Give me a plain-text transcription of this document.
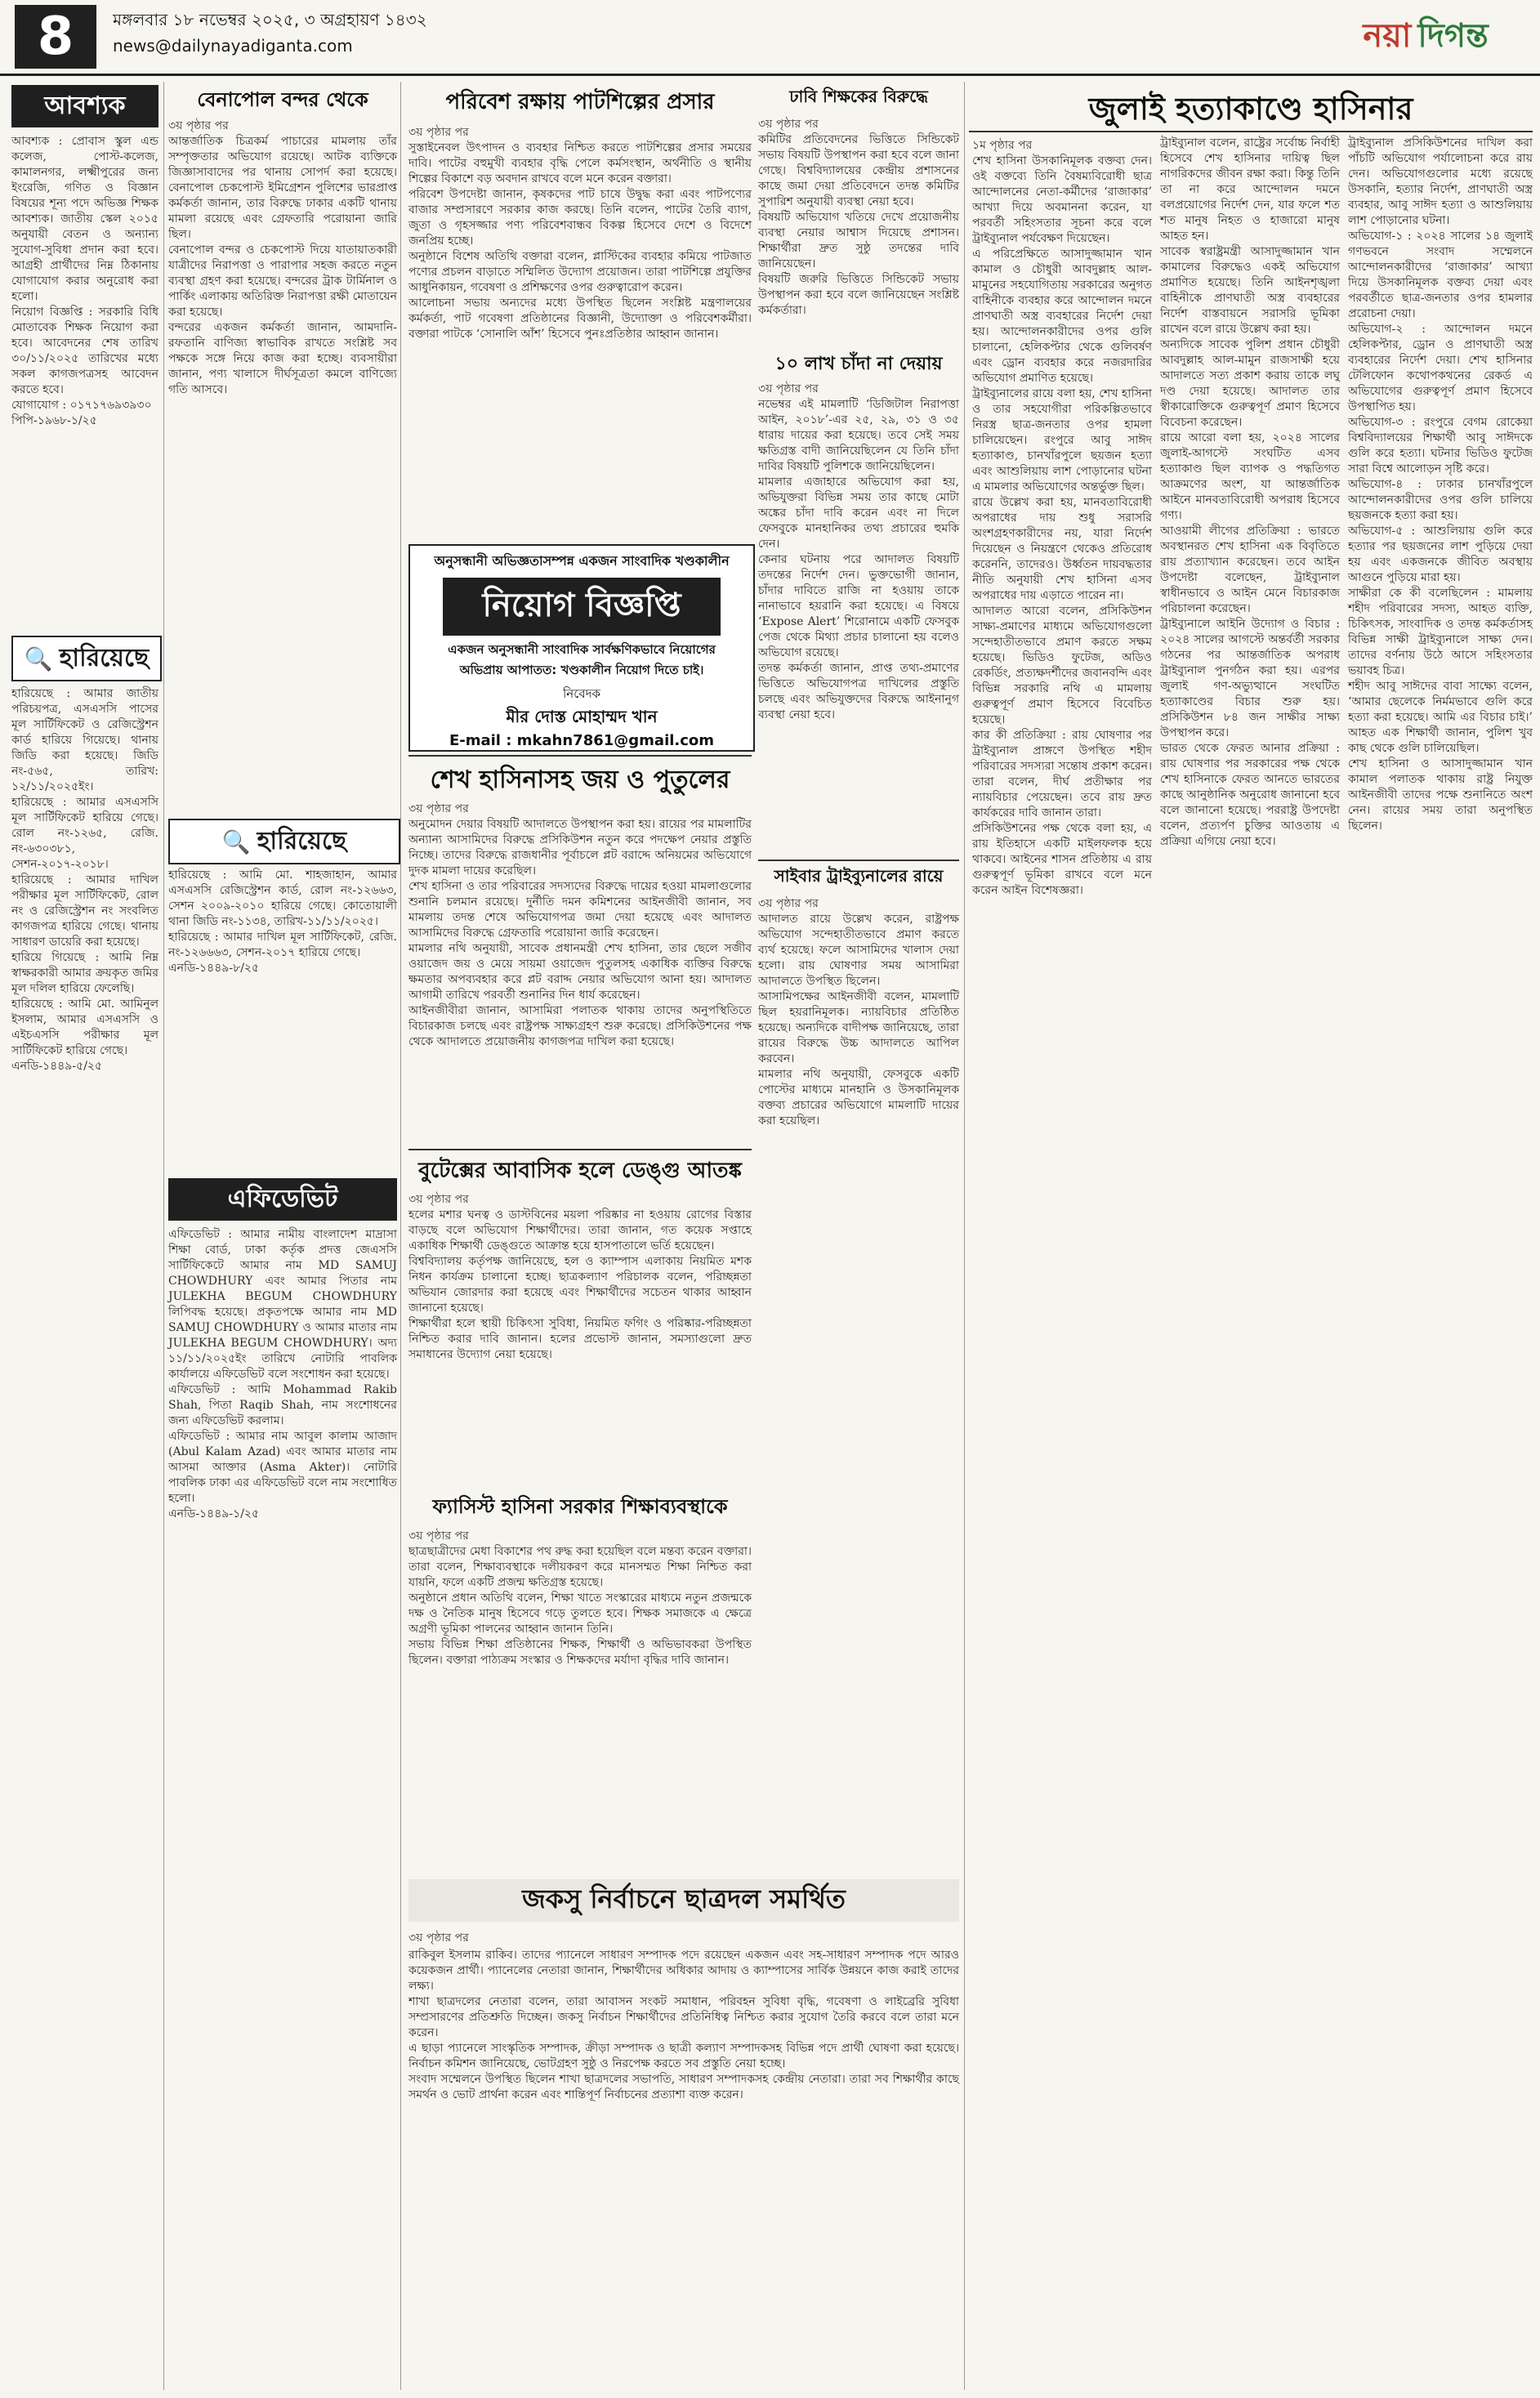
8	মঙ্গলবার ১৮ নভেম্বর ২০২৫, ৩ অগ্রহায়ণ ১৪৩২
news@dailynayadiganta.com	নয়া দিগন্ত
আবশ্যক
আবশ্যক : প্রোবাস স্কুল এন্ড কলেজ, পোস্ট-কলেজ, কামালনগর, লক্ষ্মীপুরের জন্য ইংরেজি, গণিত ও বিজ্ঞান বিষয়ের শূন্য পদে অভিজ্ঞ শিক্ষক আবশ্যক। জাতীয় স্কেল ২০১৫ অনুযায়ী বেতন ও অন্যান্য সুযোগ-সুবিধা প্রদান করা হবে। আগ্রহী প্রার্থীদের নিম্ন ঠিকানায় যোগাযোগ করার অনুরোধ করা হলো।
নিয়োগ বিজ্ঞপ্তি : সরকারি বিধি মোতাবেক শিক্ষক নিয়োগ করা হবে। আবেদনের শেষ তারিখ ৩০/১১/২০২৫ তারিখের মধ্যে সকল কাগজপত্রসহ আবেদন করতে হবে।
যোগাযোগ : ০১৭১৭৬৯৩৯৩০
পিপি-১৯৬৮-১/২৫
🔍 হারিয়েছে
হারিয়েছে : আমার জাতীয় পরিচয়পত্র, এসএসসি পাসের মূল সার্টিফিকেট ও রেজিস্ট্রেশন কার্ড হারিয়ে গিয়েছে। থানায় জিডি করা হয়েছে। জিডি নং-৫৬৫, তারিখ: ১২/১১/২০২৫ইং।
হারিয়েছে : আমার এসএসসি মূল সার্টিফিকেট হারিয়ে গেছে। রোল নং-১২৬৫, রেজি. নং-৬৩০৩৮১, সেশন-২০১৭-২০১৮।
হারিয়েছে : আমার দাখিল পরীক্ষার মূল সার্টিফিকেট, রোল নং ও রেজিস্ট্রেশন নং সংবলিত কাগজপত্র হারিয়ে গেছে। থানায় সাধারণ ডায়েরি করা হয়েছে।
হারিয়ে গিয়েছে : আমি নিম্ন স্বাক্ষরকারী আমার ক্রয়কৃত জমির মূল দলিল হারিয়ে ফেলেছি।
হারিয়েছে : আমি মো. আমিনুল ইসলাম, আমার এসএসসি ও এইচএসসি পরীক্ষার মূল সার্টিফিকেট হারিয়ে গেছে।
এনডি-১৪৪৯-৫/২৫
বেনাপোল বন্দর থেকে
৩য় পৃষ্ঠার পর
আন্তর্জাতিক চিত্রকর্ম পাচারের মামলায় তাঁর সম্পৃক্ততার অভিযোগ রয়েছে। আটক ব্যক্তিকে জিজ্ঞাসাবাদের পর থানায় সোপর্দ করা হয়েছে। বেনাপোল চেকপোস্ট ইমিগ্রেশন পুলিশের ভারপ্রাপ্ত কর্মকর্তা জানান, তার বিরুদ্ধে ঢাকার একটি থানায় মামলা রয়েছে এবং গ্রেফতারি পরোয়ানা জারি ছিল।
বেনাপোল বন্দর ও চেকপোস্ট দিয়ে যাতায়াতকারী যাত্রীদের নিরাপত্তা ও পারাপার সহজ করতে নতুন ব্যবস্থা গ্রহণ করা হয়েছে। বন্দরের ট্রাক টার্মিনাল ও পার্কিং এলাকায় অতিরিক্ত নিরাপত্তা রক্ষী মোতায়েন করা হয়েছে।
বন্দরের একজন কর্মকর্তা জানান, আমদানি-রফতানি বাণিজ্য স্বাভাবিক রাখতে সংশ্লিষ্ট সব পক্ষকে সঙ্গে নিয়ে কাজ করা হচ্ছে। ব্যবসায়ীরা জানান, পণ্য খালাসে দীর্ঘসূত্রতা কমলে বাণিজ্যে গতি আসবে।
🔍 হারিয়েছে
হারিয়েছে : আমি মো. শাহজাহান, আমার এসএসসি রেজিস্ট্রেশন কার্ড, রোল নং-১২৬৬৩, সেশন ২০০৯-২০১০ হারিয়ে গেছে। কোতোয়ালী থানা জিডি নং-১১৩৪, তারিখ-১১/১১/২০২৫।
হারিয়েছে : আমার দাখিল মূল সার্টিফিকেট, রেজি. নং-১২৬৬৬৩, সেশন-২০১৭ হারিয়ে গেছে।
এনডি-১৪৪৯-৮/২৫
এফিডেভিট
এফিডেভিট : আমার নামীয় বাংলাদেশ মাদ্রাসা শিক্ষা বোর্ড, ঢাকা কর্তৃক প্রদত্ত জেএসসি সার্টিফিকেটে আমার নাম MD SAMUJ CHOWDHURY এবং আমার পিতার নাম JULEKHA BEGUM CHOWDHURY লিপিবদ্ধ হয়েছে। প্রকৃতপক্ষে আমার নাম MD SAMUJ CHOWDHURY ও আমার মাতার নাম JULEKHA BEGUM CHOWDHURY। অদ্য ১১/১১/২০২৫ইং তারিখে নোটারি পাবলিক কার্যালয়ে এফিডেভিট বলে সংশোধন করা হয়েছে।
এফিডেভিট : আমি Mohammad Rakib Shah, পিতা Raqib Shah, নাম সংশোধনের জন্য এফিডেভিট করলাম।
এফিডেভিট : আমার নাম আবুল কালাম আজাদ (Abul Kalam Azad) এবং আমার মাতার নাম আসমা আক্তার (Asma Akter)। নোটারি পাবলিক ঢাকা এর এফিডেভিট বলে নাম সংশোধিত হলো।
এনডি-১৪৪৯-১/২৫
পরিবেশ রক্ষায় পাটশিল্পের প্রসার
৩য় পৃষ্ঠার পর
সুস্তাইনেবল উৎপাদন ও ব্যবহার নিশ্চিত করতে পাটশিল্পের প্রসার সময়ের দাবি। পাটের বহুমুখী ব্যবহার বৃদ্ধি পেলে কর্মসংস্থান, অর্থনীতি ও স্থানীয় শিল্পের বিকাশে বড় অবদান রাখবে বলে মনে করেন বক্তারা।
পরিবেশ উপদেষ্টা জানান, কৃষকদের পাট চাষে উদ্বুদ্ধ করা এবং পাটপণ্যের বাজার সম্প্রসারণে সরকার কাজ করছে। তিনি বলেন, পাটের তৈরি ব্যাগ, জুতা ও গৃহসজ্জার পণ্য পরিবেশবান্ধব বিকল্প হিসেবে দেশে ও বিদেশে জনপ্রিয় হচ্ছে।
অনুষ্ঠানে বিশেষ অতিথি বক্তারা বলেন, প্লাস্টিকের ব্যবহার কমিয়ে পাটজাত পণ্যের প্রচলন বাড়াতে সম্মিলিত উদ্যোগ প্রয়োজন। তারা পাটশিল্পে প্রযুক্তির আধুনিকায়ন, গবেষণা ও প্রশিক্ষণের ওপর গুরুত্বারোপ করেন।
আলোচনা সভায় অন্যদের মধ্যে উপস্থিত ছিলেন সংশ্লিষ্ট মন্ত্রণালয়ের কর্মকর্তা, পাট গবেষণা প্রতিষ্ঠানের বিজ্ঞানী, উদ্যোক্তা ও পরিবেশকর্মীরা। বক্তারা পাটকে ‘সোনালি আঁশ’ হিসেবে পুনঃপ্রতিষ্ঠার আহ্বান জানান।
অনুসন্ধানী অভিজ্ঞতাসম্পন্ন একজন সাংবাদিক খণ্ডকালীন
নিয়োগ বিজ্ঞপ্তি
একজন অনুসন্ধানী সাংবাদিক সার্বক্ষণিকভাবে নিয়োগের
অভিপ্রায় আপাতত: খণ্ডকালীন নিয়োগ দিতে চাই।
নিবেদক
মীর দোস্ত মোহাম্মদ খান
E-mail : mkahn7861@gmail.com
ঢাবি শিক্ষকের বিরুদ্ধে
৩য় পৃষ্ঠার পর
কমিটির প্রতিবেদনের ভিত্তিতে সিন্ডিকেট সভায় বিষয়টি উপস্থাপন করা হবে বলে জানা গেছে। বিশ্ববিদ্যালয়ের কেন্দ্রীয় প্রশাসনের কাছে জমা দেয়া প্রতিবেদনে তদন্ত কমিটির সুপারিশ অনুযায়ী ব্যবস্থা নেয়া হবে।
বিষয়টি অভিযোগ খতিয়ে দেখে প্রয়োজনীয় ব্যবস্থা নেয়ার আশ্বাস দিয়েছে প্রশাসন। শিক্ষার্থীরা দ্রুত সুষ্ঠু তদন্তের দাবি জানিয়েছেন।
বিষয়টি জরুরি ভিত্তিতে সিন্ডিকেট সভায় উপস্থাপন করা হবে বলে জানিয়েছেন সংশ্লিষ্ট কর্মকর্তারা।
১০ লাখ চাঁদা না দেয়ায়
৩য় পৃষ্ঠার পর
নভেম্বর এই মামলাটি ‘ডিজিটাল নিরাপত্তা আইন, ২০১৮’-এর ২৫, ২৯, ৩১ ও ৩৫ ধারায় দায়ের করা হয়েছে। তবে সেই সময় ক্ষতিগ্রস্ত বাদী জানিয়েছিলেন যে তিনি চাঁদা দাবির বিষয়টি পুলিশকে জানিয়েছিলেন।
মামলার এজাহারে অভিযোগ করা হয়, অভিযুক্তরা বিভিন্ন সময় তার কাছে মোটা অঙ্কের চাঁদা দাবি করেন এবং না দিলে ফেসবুকে মানহানিকর তথ্য প্রচারের হুমকি দেন।
কেনার ঘটনায় পরে আদালত বিষয়টি তদন্তের নির্দেশ দেন। ভুক্তভোগী জানান, চাঁদার দাবিতে রাজি না হওয়ায় তাকে নানাভাবে হয়রানি করা হয়েছে। এ বিষয়ে ‘Expose Alert’ শিরোনামে একটি ফেসবুক পেজ থেকে মিথ্যা প্রচার চালানো হয় বলেও অভিযোগ রয়েছে।
তদন্ত কর্মকর্তা জানান, প্রাপ্ত তথ্য-প্রমাণের ভিত্তিতে অভিযোগপত্র দাখিলের প্রস্তুতি চলছে এবং অভিযুক্তদের বিরুদ্ধে আইনানুগ ব্যবস্থা নেয়া হবে।
শেখ হাসিনাসহ জয় ও পুতুলের
৩য় পৃষ্ঠার পর
অনুমোদন দেয়ার বিষয়টি আদালতে উপস্থাপন করা হয়। রায়ের পর মামলাটির অন্যান্য আসামিদের বিরুদ্ধে প্রসিকিউশন নতুন করে পদক্ষেপ নেয়ার প্রস্তুতি নিচ্ছে। তাদের বিরুদ্ধে রাজধানীর পূর্বাচলে প্লট বরাদ্দে অনিয়মের অভিযোগে দুদক মামলা দায়ের করেছিল।
শেখ হাসিনা ও তার পরিবারের সদস্যদের বিরুদ্ধে দায়ের হওয়া মামলাগুলোর শুনানি চলমান রয়েছে। দুর্নীতি দমন কমিশনের আইনজীবী জানান, সব মামলায় তদন্ত শেষে অভিযোগপত্র জমা দেয়া হয়েছে এবং আদালত আসামিদের বিরুদ্ধে গ্রেফতারি পরোয়ানা জারি করেছেন।
মামলার নথি অনুযায়ী, সাবেক প্রধানমন্ত্রী শেখ হাসিনা, তার ছেলে সজীব ওয়াজেদ জয় ও মেয়ে সায়মা ওয়াজেদ পুতুলসহ একাধিক ব্যক্তির বিরুদ্ধে ক্ষমতার অপব্যবহার করে প্লট বরাদ্দ নেয়ার অভিযোগ আনা হয়। আদালত আগামী তারিখে পরবর্তী শুনানির দিন ধার্য করেছেন।
আইনজীবীরা জানান, আসামিরা পলাতক থাকায় তাদের অনুপস্থিতিতে বিচারকাজ চলছে এবং রাষ্ট্রপক্ষ সাক্ষ্যগ্রহণ শুরু করেছে। প্রসিকিউশনের পক্ষ থেকে আদালতে প্রয়োজনীয় কাগজপত্র দাখিল করা হয়েছে।
বুটেক্সের আবাসিক হলে ডেঙ্গু আতঙ্ক
৩য় পৃষ্ঠার পর
হলের মশার ঘনত্ব ও ডাস্টবিনের ময়লা পরিষ্কার না হওয়ায় রোগের বিস্তার বাড়ছে বলে অভিযোগ শিক্ষার্থীদের। তারা জানান, গত কয়েক সপ্তাহে একাধিক শিক্ষার্থী ডেঙ্গুতে আক্রান্ত হয়ে হাসপাতালে ভর্তি হয়েছেন।
বিশ্ববিদ্যালয় কর্তৃপক্ষ জানিয়েছে, হল ও ক্যাম্পাস এলাকায় নিয়মিত মশক নিধন কার্যক্রম চালানো হচ্ছে। ছাত্রকল্যাণ পরিচালক বলেন, পরিচ্ছন্নতা অভিযান জোরদার করা হয়েছে এবং শিক্ষার্থীদের সচেতন থাকার আহ্বান জানানো হয়েছে।
শিক্ষার্থীরা হলে স্থায়ী চিকিৎসা সুবিধা, নিয়মিত ফগিং ও পরিষ্কার-পরিচ্ছন্নতা নিশ্চিত করার দাবি জানান। হলের প্রভোস্ট জানান, সমস্যাগুলো দ্রুত সমাধানের উদ্যোগ নেয়া হয়েছে।
ফ্যাসিস্ট হাসিনা সরকার শিক্ষাব্যবস্থাকে
৩য় পৃষ্ঠার পর
ছাত্রছাত্রীদের মেধা বিকাশের পথ রুদ্ধ করা হয়েছিল বলে মন্তব্য করেন বক্তারা। তারা বলেন, শিক্ষাব্যবস্থাকে দলীয়করণ করে মানসম্মত শিক্ষা নিশ্চিত করা যায়নি, ফলে একটি প্রজন্ম ক্ষতিগ্রস্ত হয়েছে।
অনুষ্ঠানে প্রধান অতিথি বলেন, শিক্ষা খাতে সংস্কারের মাধ্যমে নতুন প্রজন্মকে দক্ষ ও নৈতিক মানুষ হিসেবে গড়ে তুলতে হবে। শিক্ষক সমাজকে এ ক্ষেত্রে অগ্রণী ভূমিকা পালনের আহ্বান জানান তিনি।
সভায় বিভিন্ন শিক্ষা প্রতিষ্ঠানের শিক্ষক, শিক্ষার্থী ও অভিভাবকরা উপস্থিত ছিলেন। বক্তারা পাঠ্যক্রম সংস্কার ও শিক্ষকদের মর্যাদা বৃদ্ধির দাবি জানান।
সাইবার ট্রাইব্যুনালের রায়ে
৩য় পৃষ্ঠার পর
আদালত রায়ে উল্লেখ করেন, রাষ্ট্রপক্ষ অভিযোগ সন্দেহাতীতভাবে প্রমাণ করতে ব্যর্থ হয়েছে। ফলে আসামিদের খালাস দেয়া হলো। রায় ঘোষণার সময় আসামিরা আদালতে উপস্থিত ছিলেন।
আসামিপক্ষের আইনজীবী বলেন, মামলাটি ছিল হয়রানিমূলক। ন্যায়বিচার প্রতিষ্ঠিত হয়েছে। অন্যদিকে বাদীপক্ষ জানিয়েছে, তারা রায়ের বিরুদ্ধে উচ্চ আদালতে আপিল করবেন।
মামলার নথি অনুযায়ী, ফেসবুকে একটি পোস্টের মাধ্যমে মানহানি ও উসকানিমূলক বক্তব্য প্রচারের অভিযোগে মামলাটি দায়ের করা হয়েছিল।
জকসু নির্বাচনে ছাত্রদল সমর্থিত
৩য় পৃষ্ঠার পর
রাকিবুল ইসলাম রাকিব। তাদের প্যানেলে সাধারণ সম্পাদক পদে রয়েছেন একজন এবং সহ-সাধারণ সম্পাদক পদে আরও কয়েকজন প্রার্থী। প্যানেলের নেতারা জানান, শিক্ষার্থীদের অধিকার আদায় ও ক্যাম্পাসের সার্বিক উন্নয়নে কাজ করাই তাদের লক্ষ্য।
শাখা ছাত্রদলের নেতারা বলেন, তারা আবাসন সংকট সমাধান, পরিবহন সুবিধা বৃদ্ধি, গবেষণা ও লাইব্রেরি সুবিধা সম্প্রসারণের প্রতিশ্রুতি দিচ্ছেন। জকসু নির্বাচন শিক্ষার্থীদের প্রতিনিধিত্ব নিশ্চিত করার সুযোগ তৈরি করবে বলে তারা মনে করেন।
এ ছাড়া প্যানেলে সাংস্কৃতিক সম্পাদক, ক্রীড়া সম্পাদক ও ছাত্রী কল্যাণ সম্পাদকসহ বিভিন্ন পদে প্রার্থী ঘোষণা করা হয়েছে। নির্বাচন কমিশন জানিয়েছে, ভোটগ্রহণ সুষ্ঠু ও নিরপেক্ষ করতে সব প্রস্তুতি নেয়া হচ্ছে।
সংবাদ সম্মেলনে উপস্থিত ছিলেন শাখা ছাত্রদলের সভাপতি, সাধারণ সম্পাদকসহ কেন্দ্রীয় নেতারা। তারা সব শিক্ষার্থীর কাছে সমর্থন ও ভোট প্রার্থনা করেন এবং শান্তিপূর্ণ নির্বাচনের প্রত্যাশা ব্যক্ত করেন।
জুলাই হত্যাকাণ্ডে হাসিনার
১ম পৃষ্ঠার পর
শেখ হাসিনা উসকানিমূলক বক্তব্য দেন। ওই বক্তব্যে তিনি বৈষম্যবিরোধী ছাত্র আন্দোলনের নেতা-কর্মীদের ‘রাজাকার’ আখ্যা দিয়ে অবমাননা করেন, যা পরবর্তী সহিংসতার সূচনা করে বলে ট্রাইব্যুনাল পর্যবেক্ষণ দিয়েছেন।
এ পরিপ্রেক্ষিতে আসাদুজ্জামান খান কামাল ও চৌধুরী আবদুল্লাহ আল-মামুনের সহযোগিতায় সরকারের অনুগত বাহিনীকে ব্যবহার করে আন্দোলন দমনে প্রাণঘাতী অস্ত্র ব্যবহারের নির্দেশ দেয়া হয়। আন্দোলনকারীদের ওপর গুলি চালানো, হেলিকপ্টার থেকে গুলিবর্ষণ এবং ড্রোন ব্যবহার করে নজরদারির অভিযোগ প্রমাণিত হয়েছে।
ট্রাইব্যুনালের রায়ে বলা হয়, শেখ হাসিনা ও তার সহযোগীরা পরিকল্পিতভাবে নিরস্ত্র ছাত্র-জনতার ওপর হামলা চালিয়েছেন। রংপুরে আবু সাঈদ হত্যাকাণ্ড, চানখাঁরপুলে ছয়জন হত্যা এবং আশুলিয়ায় লাশ পোড়ানোর ঘটনা এ মামলার অভিযোগের অন্তর্ভুক্ত ছিল।
রায়ে উল্লেখ করা হয়, মানবতাবিরোধী অপরাধের দায় শুধু সরাসরি অংশগ্রহণকারীদের নয়, যারা নির্দেশ দিয়েছেন ও নিয়ন্ত্রণে থেকেও প্রতিরোধ করেননি, তাদেরও। উর্ধ্বতন দায়বদ্ধতার নীতি অনুযায়ী শেখ হাসিনা এসব অপরাধের দায় এড়াতে পারেন না।
আদালত আরো বলেন, প্রসিকিউশন সাক্ষ্য-প্রমাণের মাধ্যমে অভিযোগগুলো সন্দেহাতীতভাবে প্রমাণ করতে সক্ষম হয়েছে। ভিডিও ফুটেজ, অডিও রেকর্ডিং, প্রত্যক্ষদর্শীদের জবানবন্দি এবং বিভিন্ন সরকারি নথি এ মামলায় গুরুত্বপূর্ণ প্রমাণ হিসেবে বিবেচিত হয়েছে।
কার কী প্রতিক্রিয়া : রায় ঘোষণার পর ট্রাইব্যুনাল প্রাঙ্গণে উপস্থিত শহীদ পরিবারের সদস্যরা সন্তোষ প্রকাশ করেন। তারা বলেন, দীর্ঘ প্রতীক্ষার পর ন্যায়বিচার পেয়েছেন। তবে রায় দ্রুত কার্যকরের দাবি জানান তারা।
প্রসিকিউশনের পক্ষ থেকে বলা হয়, এ রায় ইতিহাসে একটি মাইলফলক হয়ে থাকবে। আইনের শাসন প্রতিষ্ঠায় এ রায় গুরুত্বপূর্ণ ভূমিকা রাখবে বলে মনে করেন আইন বিশেষজ্ঞরা।
ট্রাইব্যুনাল বলেন, রাষ্ট্রের সর্বোচ্চ নির্বাহী হিসেবে শেখ হাসিনার দায়িত্ব ছিল নাগরিকদের জীবন রক্ষা করা। কিন্তু তিনি তা না করে আন্দোলন দমনে বলপ্রয়োগের নির্দেশ দেন, যার ফলে শত শত মানুষ নিহত ও হাজারো মানুষ আহত হন।
সাবেক স্বরাষ্ট্রমন্ত্রী আসাদুজ্জামান খান কামালের বিরুদ্ধেও একই অভিযোগ প্রমাণিত হয়েছে। তিনি আইনশৃঙ্খলা বাহিনীকে প্রাণঘাতী অস্ত্র ব্যবহারের নির্দেশ বাস্তবায়নে সরাসরি ভূমিকা রাখেন বলে রায়ে উল্লেখ করা হয়।
অন্যদিকে সাবেক পুলিশ প্রধান চৌধুরী আবদুল্লাহ আল-মামুন রাজসাক্ষী হয়ে আদালতে সত্য প্রকাশ করায় তাকে লঘু দণ্ড দেয়া হয়েছে। আদালত তার স্বীকারোক্তিকে গুরুত্বপূর্ণ প্রমাণ হিসেবে বিবেচনা করেছেন।
রায়ে আরো বলা হয়, ২০২৪ সালের জুলাই-আগস্টে সংঘটিত এসব হত্যাকাণ্ড ছিল ব্যাপক ও পদ্ধতিগত আক্রমণের অংশ, যা আন্তর্জাতিক আইনে মানবতাবিরোধী অপরাধ হিসেবে গণ্য।
আওয়ামী লীগের প্রতিক্রিয়া : ভারতে অবস্থানরত শেখ হাসিনা এক বিবৃতিতে রায় প্রত্যাখ্যান করেছেন। তবে আইন উপদেষ্টা বলেছেন, ট্রাইব্যুনাল স্বাধীনভাবে ও আইন মেনে বিচারকাজ পরিচালনা করেছেন।
ট্রাইব্যুনালে আইনি উদ্যোগ ও বিচার : ২০২৪ সালের আগস্টে অন্তর্বর্তী সরকার গঠনের পর আন্তর্জাতিক অপরাধ ট্রাইব্যুনাল পুনর্গঠন করা হয়। এরপর জুলাই গণ-অভ্যুত্থানে সংঘটিত হত্যাকাণ্ডের বিচার শুরু হয়। প্রসিকিউশন ৮৪ জন সাক্ষীর সাক্ষ্য উপস্থাপন করে।
ভারত থেকে ফেরত আনার প্রক্রিয়া : রায় ঘোষণার পর সরকারের পক্ষ থেকে শেখ হাসিনাকে ফেরত আনতে ভারতের কাছে আনুষ্ঠানিক অনুরোধ জানানো হবে বলে জানানো হয়েছে। পররাষ্ট্র উপদেষ্টা বলেন, প্রত্যর্পণ চুক্তির আওতায় এ প্রক্রিয়া এগিয়ে নেয়া হবে।
ট্রাইব্যুনাল প্রসিকিউশনের দাখিল করা পাঁচটি অভিযোগ পর্যালোচনা করে রায় দেন। অভিযোগগুলোর মধ্যে রয়েছে উসকানি, হত্যার নির্দেশ, প্রাণঘাতী অস্ত্র ব্যবহার, আবু সাঈদ হত্যা ও আশুলিয়ায় লাশ পোড়ানোর ঘটনা।
অভিযোগ-১ : ২০২৪ সালের ১৪ জুলাই গণভবনে সংবাদ সম্মেলনে আন্দোলনকারীদের ‘রাজাকার’ আখ্যা দিয়ে উসকানিমূলক বক্তব্য দেয়া এবং পরবর্তীতে ছাত্র-জনতার ওপর হামলার প্ররোচনা দেয়া।
অভিযোগ-২ : আন্দোলন দমনে হেলিকপ্টার, ড্রোন ও প্রাণঘাতী অস্ত্র ব্যবহারের নির্দেশ দেয়া। শেখ হাসিনার টেলিফোন কথোপকথনের রেকর্ড এ অভিযোগের গুরুত্বপূর্ণ প্রমাণ হিসেবে উপস্থাপিত হয়।
অভিযোগ-৩ : রংপুরে বেগম রোকেয়া বিশ্ববিদ্যালয়ের শিক্ষার্থী আবু সাঈদকে গুলি করে হত্যা। ঘটনার ভিডিও ফুটেজ সারা বিশ্বে আলোড়ন সৃষ্টি করে।
অভিযোগ-৪ : ঢাকার চানখাঁরপুলে আন্দোলনকারীদের ওপর গুলি চালিয়ে ছয়জনকে হত্যা করা হয়।
অভিযোগ-৫ : আশুলিয়ায় গুলি করে হত্যার পর ছয়জনের লাশ পুড়িয়ে দেয়া হয় এবং একজনকে জীবিত অবস্থায় আগুনে পুড়িয়ে মারা হয়।
সাক্ষীরা কে কী বলেছিলেন : মামলায় শহীদ পরিবারের সদস্য, আহত ব্যক্তি, চিকিৎসক, সাংবাদিক ও তদন্ত কর্মকর্তাসহ বিভিন্ন সাক্ষী ট্রাইব্যুনালে সাক্ষ্য দেন। তাদের বর্ণনায় উঠে আসে সহিংসতার ভয়াবহ চিত্র।
শহীদ আবু সাঈদের বাবা সাক্ষ্যে বলেন, ‘আমার ছেলেকে নির্মমভাবে গুলি করে হত্যা করা হয়েছে। আমি এর বিচার চাই।’ আহত এক শিক্ষার্থী জানান, পুলিশ খুব কাছ থেকে গুলি চালিয়েছিল।
শেখ হাসিনা ও আসাদুজ্জামান খান কামাল পলাতক থাকায় রাষ্ট্র নিযুক্ত আইনজীবী তাদের পক্ষে শুনানিতে অংশ নেন। রায়ের সময় তারা অনুপস্থিত ছিলেন।
